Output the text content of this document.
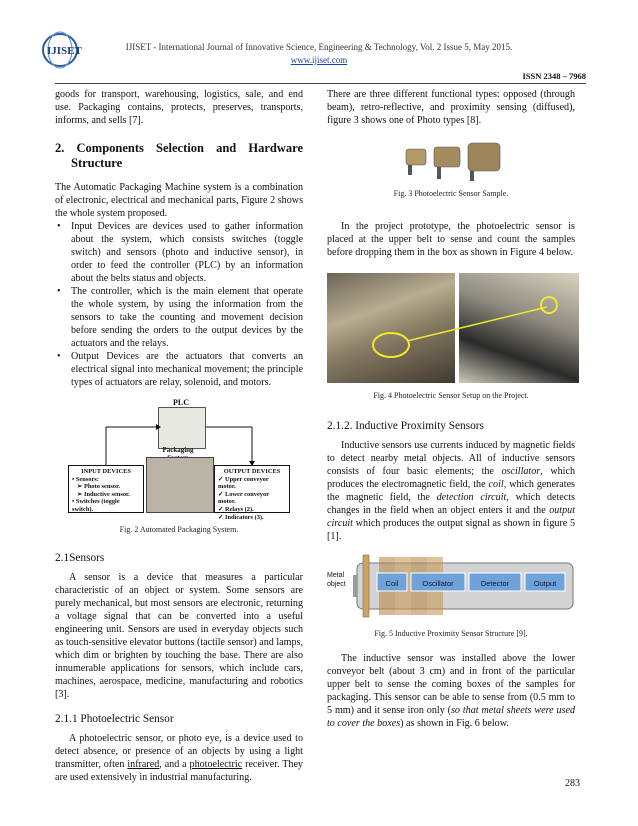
IJISET	IJISET - International Journal of Innovative Science, Engineering & Technology, Vol. 2 Issue 5, May 2015.
www.ijiset.com
ISSN 2348 – 7968

goods for transport, warehousing, logistics, sale, and end use. Packaging contains, protects, preserves, transports, informs, and sells [7].

2. Components Selection and Hardware Structure

The Automatic Packaging Machine system is a combination of electronic, electrical and mechanical parts, Figure 2 shows the whole system proposed.

• Input Devices are devices used to gather information about the system, which consists switches (toggle switch) and sensors (photo and inductive sensor), in order to feed the controller (PLC) by an information about the belts status and objects.
• The controller, which is the main element that operate the whole system, by using the information from the sensors to take the counting and movement decision before sending the orders to the output devices by the actuators and the relays.
• Output Devices are the actuators that converts an electrical signal into mechanical movement; the principle types of actuators are relay, solenoid, and motors.
PLC
Packaging
INPUT DEVICES
• Sensors:
➢ Photo sensor.
➢ Inductive sensor.
• Switches (toggle switch).
OUTPUT DEVICES
✓ Upper conveyor motor.
✓ Lower conveyor motor.
✓ Relays (2).
✓ Indicators (3).
Fig. 2 Automated Packaging System.
2.1Sensors

A sensor is a device that measures a particular characteristic of an object or system. Some sensors are purely mechanical, but most sensors are electronic, returning a voltage signal that can be converted into a useful engineering unit. Sensors are used in everyday objects such as touch-sensitive elevator buttons (tactile sensor) and lamps, which dim or brighten by touching the base. There are also innumerable applications for sensors, which include cars, machines, aerospace, medicine, manufacturing and robotics [3].

2.1.1 Photoelectric Sensor

A photoelectric sensor, or photo eye, is a device used to detect absence, or presence of an objects by using a light transmitter, often infrared, and a photoelectric receiver. They are used extensively in industrial manufacturing.

There are three different functional types: opposed (through beam), retro-reflective, and proximity sensing (diffused), figure 3 shows one of Photo types [8].

Fig. 3 Photoelectric Sensor Sample.

In the project prototype, the photoelectric sensor is placed at the upper belt to sense and count the samples before dropping them in the box as shown in Figure 4 below.

Fig. 4 Photoelectric Sensor Setup on the Project.
2.1.2. Inductive Proximity Sensors

Inductive sensors use currents induced by magnetic fields to detect nearby metal objects. All of inductive sensors consists of four basic elements; the oscillator, which produces the electromagnetic field, the coil, which generates the magnetic field, the detection circuit, which detects changes in the field when an object enters it and the output circuit which produces the output signal as shown in figure 5 [1].

Metal object	Coil	Oscillator	Detector	Output
Fig. 5 Inductive Proximity Sensor Structure [9].

The inductive sensor was installed above the lower conveyor belt (about 3 cm) and in front of the particular upper belt to sense the coming boxes of the samples for packaging. This sensor can be able to sense from (0.5 mm to 5 mm) and it sense iron only (so that metal sheets were used to cover the boxes) as shown in Fig. 6 below.

283
